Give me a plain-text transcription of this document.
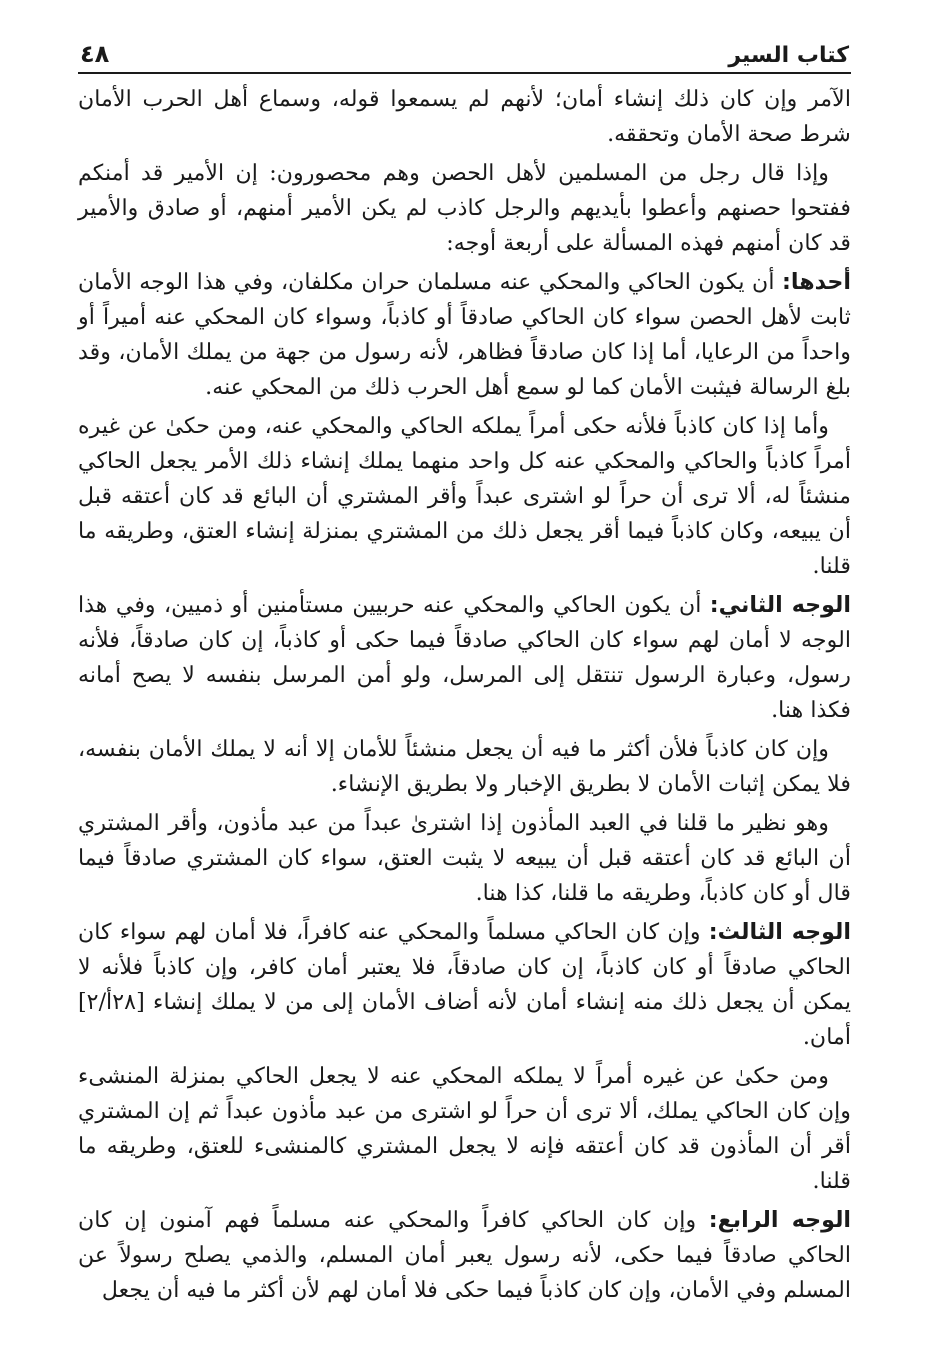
كتاب السير
٤٨

الآمر وإن كان ذلك إنشاء أمان؛ لأنهم لم يسمعوا قوله، وسماع أهل الحرب الأمان شرط صحة الأمان وتحققه.

وإذا قال رجل من المسلمين لأهل الحصن وهم محصورون: إن الأمير قد أمنكم ففتحوا حصنهم وأعطوا بأيديهم والرجل كاذب لم يكن الأمير أمنهم، أو صادق والأمير قد كان أمنهم فهذه المسألة على أربعة أوجه:

أحدها: أن يكون الحاكي والمحكي عنه مسلمان حران مكلفان، وفي هذا الوجه الأمان ثابت لأهل الحصن سواء كان الحاكي صادقاً أو كاذباً، وسواء كان المحكي عنه أميراً أو واحداً من الرعايا، أما إذا كان صادقاً فظاهر، لأنه رسول من جهة من يملك الأمان، وقد بلغ الرسالة فيثبت الأمان كما لو سمع أهل الحرب ذلك من المحكي عنه.

وأما إذا كان كاذباً فلأنه حكى أمراً يملكه الحاكي والمحكي عنه، ومن حكىٰ عن غيره أمراً كاذباً والحاكي والمحكي عنه كل واحد منهما يملك إنشاء ذلك الأمر يجعل الحاكي منشئاً له، ألا ترى أن حراً لو اشترى عبداً وأقر المشتري أن البائع قد كان أعتقه قبل أن يبيعه، وكان كاذباً فيما أقر يجعل ذلك من المشتري بمنزلة إنشاء العتق، وطريقه ما قلنا.

الوجه الثاني: أن يكون الحاكي والمحكي عنه حربيين مستأمنين أو ذميين، وفي هذا الوجه لا أمان لهم سواء كان الحاكي صادقاً فيما حكى أو كاذباً، إن كان صادقاً، فلأنه رسول، وعبارة الرسول تنتقل إلى المرسل، ولو أمن المرسل بنفسه لا يصح أمانه فكذا هنا.

وإن كان كاذباً فلأن أكثر ما فيه أن يجعل منشئاً للأمان إلا أنه لا يملك الأمان بنفسه، فلا يمكن إثبات الأمان لا بطريق الإخبار ولا بطريق الإنشاء.

وهو نظير ما قلنا في العبد المأذون إذا اشترىٰ عبداً من عبد مأذون، وأقر المشتري أن البائع قد كان أعتقه قبل أن يبيعه لا يثبت العتق، سواء كان المشتري صادقاً فيما قال أو كان كاذباً، وطريقه ما قلنا، كذا هنا.

الوجه الثالث: وإن كان الحاكي مسلماً والمحكي عنه كافراً، فلا أمان لهم سواء كان الحاكي صادقاً أو كان كاذباً، إن كان صادقاً، فلا يعتبر أمان كافر، وإن كاذباً فلأنه لا يمكن أن يجعل ذلك منه إنشاء أمان لأنه أضاف الأمان إلى من لا يملك إنشاء [٢٨أ/٢] أمان.

ومن حكىٰ عن غيره أمراً لا يملكه المحكي عنه لا يجعل الحاكي بمنزلة المنشىء وإن كان الحاكي يملك، ألا ترى أن حراً لو اشترى من عبد مأذون عبداً ثم إن المشتري أقر أن المأذون قد كان أعتقه فإنه لا يجعل المشتري كالمنشىء للعتق، وطريقه ما قلنا.

الوجه الرابع: وإن كان الحاكي كافراً والمحكي عنه مسلماً فهم آمنون إن كان الحاكي صادقاً فيما حكى، لأنه رسول يعبر أمان المسلم، والذمي يصلح رسولاً عن المسلم وفي الأمان، وإن كان كاذباً فيما حكى فلا أمان لهم لأن أكثر ما فيه أن يجعل
